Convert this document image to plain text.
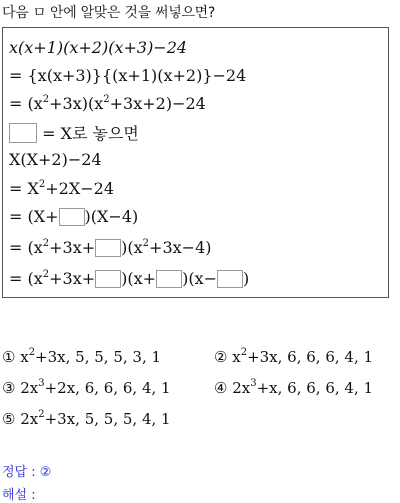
다음 ㅁ 안에 알맞은 것을 써넣으면?
x(x+1)(x+2)(x+3)−24
= {x(x+3)}{(x+1)(x+2)}−24
= $(x^2+3x)(x^2+3x+2)-24$
= X로 놓으면
X(X+2)−24
= $X^2+2X-24$
= (X+ )(X−4)
= $(x^2+3x+ )(x^2+3x-4)$
= $(x^2+3x+ )(x+ )(x-$ )
① $x^2+3x$, 5, 5, 5, 3, 1	② $x^2+3x$, 6, 6, 6, 4, 1
③ $2x^3+2x$, 6, 6, 6, 4, 1	④ $2x^3+x$, 6, 6, 6, 4, 1
⑤ $2x^2+3x$, 5, 5, 5, 4, 1
정답 : ②
해설 :
